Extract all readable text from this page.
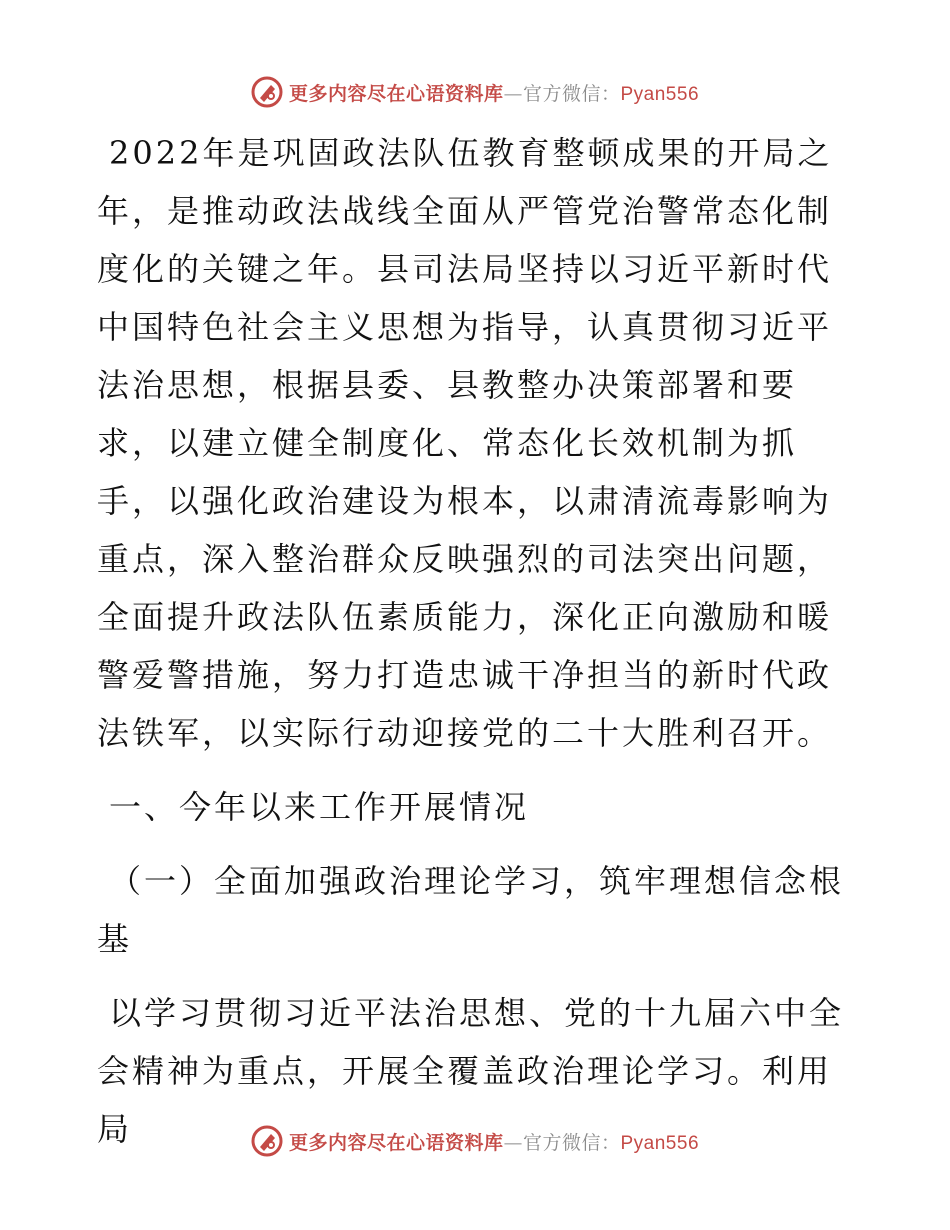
更多内容尽在心语资料库—官方微信：Pyan556

2022年是巩固政法队伍教育整顿成果的开局之年，是推动政法战线全面从严管党治警常态化制度化的关键之年。县司法局坚持以习近平新时代中国特色社会主义思想为指导，认真贯彻习近平法治思想，根据县委、县教整办决策部署和要求，以建立健全制度化、常态化长效机制为抓手，以强化政治建设为根本，以肃清流毒影响为重点，深入整治群众反映强烈的司法突出问题，全面提升政法队伍素质能力，深化正向激励和暖警爱警措施，努力打造忠诚干净担当的新时代政法铁军，以实际行动迎接党的二十大胜利召开。

一、今年以来工作开展情况

（一）全面加强政治理论学习，筑牢理想信念根基

以学习贯彻习近平法治思想、党的十九届六中全会精神为重点，开展全覆盖政治理论学习。利用局	更多内容尽在心语资料库—官方微信：Pyan556
